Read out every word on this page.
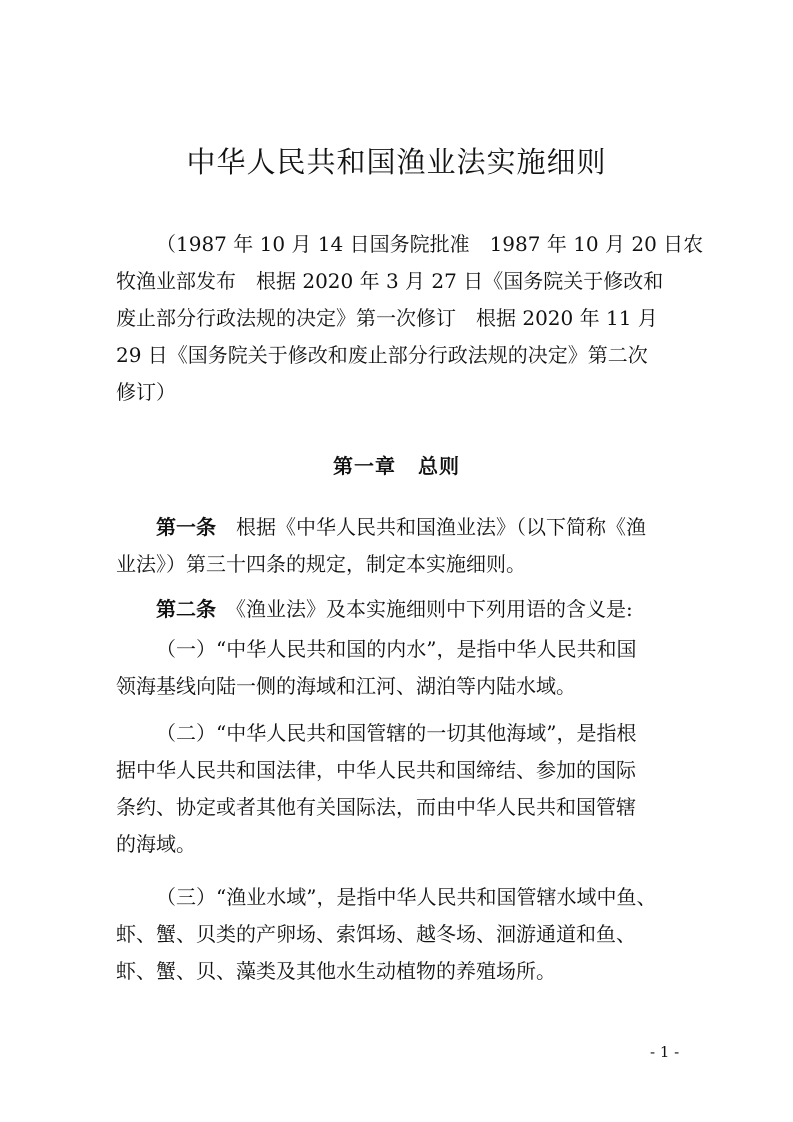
中华人民共和国渔业法实施细则
（1987 年 10 月 14 日国务院批准　1987 年 10 月 20 日农
牧渔业部发布　根据 2020 年 3 月 27 日《国务院关于修改和
废止部分行政法规的决定》第一次修订　根据 2020 年 11 月
29 日《国务院关于修改和废止部分行政法规的决定》第二次
修订）
第一章 总则
第一条　 根据《中华人民共和国渔业法》（以下简称《渔
业法》）第三十四条的规定，制定本实施细则。
第二条　 《渔业法》及本实施细则中下列用语的含义是:
（一）“中华人民共和国的内水”，是指中华人民共和国
领海基线向陆一侧的海域和江河、湖泊等内陆水域。
（二）“中华人民共和国管辖的一切其他海域”，是指根
据中华人民共和国法律，中华人民共和国缔结、参加的国际
条约、协定或者其他有关国际法，而由中华人民共和国管辖
的海域。
（三）“渔业水域”，是指中华人民共和国管辖水域中鱼、
虾、蟹、贝类的产卵场、索饵场、越冬场、洄游通道和鱼、
虾、蟹、贝、藻类及其他水生动植物的养殖场所。
- 1 -
